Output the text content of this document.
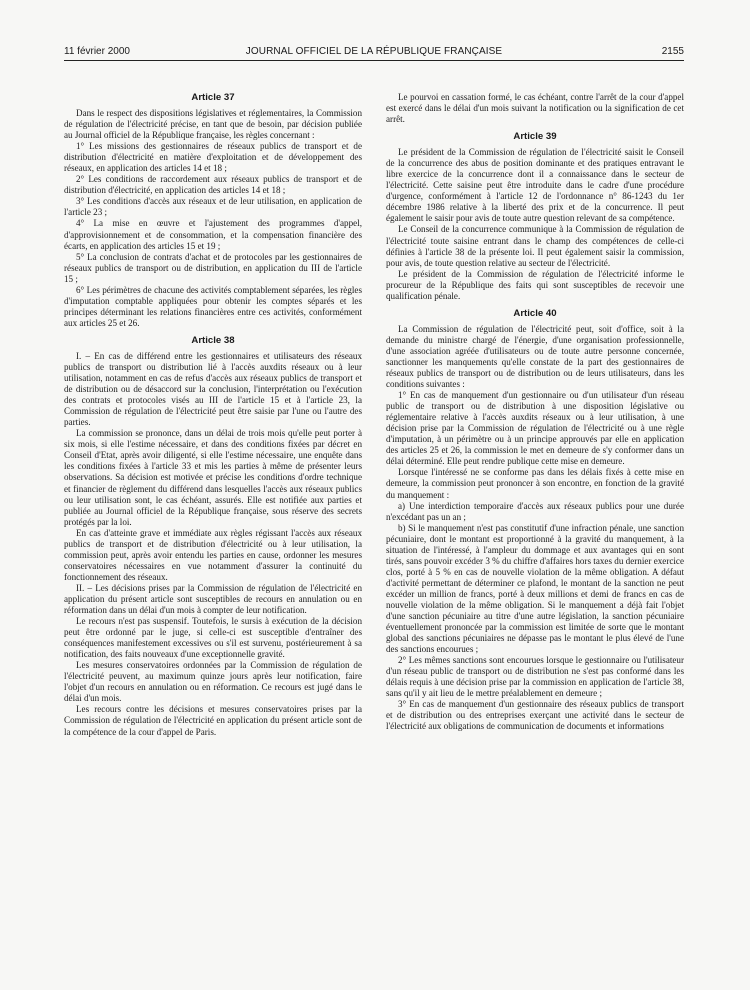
11 février 2000	JOURNAL OFFICIEL DE LA RÉPUBLIQUE FRANÇAISE	2155
Article 37

Dans le respect des dispositions législatives et réglementaires, la Commission de régulation de l'électricité précise, en tant que de besoin, par décision publiée au Journal officiel de la République française, les règles concernant :

1° Les missions des gestionnaires de réseaux publics de transport et de distribution d'électricité en matière d'exploitation et de développement des réseaux, en application des articles 14 et 18 ;

2° Les conditions de raccordement aux réseaux publics de transport et de distribution d'électricité, en application des articles 14 et 18 ;

3° Les conditions d'accès aux réseaux et de leur utilisation, en application de l'article 23 ;

4° La mise en œuvre et l'ajustement des programmes d'appel, d'approvisionnement et de consommation, et la compensation financière des écarts, en application des articles 15 et 19 ;

5° La conclusion de contrats d'achat et de protocoles par les gestionnaires de réseaux publics de transport ou de distribution, en application du III de l'article 15 ;

6° Les périmètres de chacune des activités comptablement séparées, les règles d'imputation comptable appliquées pour obtenir les comptes séparés et les principes déterminant les relations financières entre ces activités, conformément aux articles 25 et 26.

Article 38

I. – En cas de différend entre les gestionnaires et utilisateurs des réseaux publics de transport ou distribution lié à l'accès auxdits réseaux ou à leur utilisation, notamment en cas de refus d'accès aux réseaux publics de transport et de distribution ou de désaccord sur la conclusion, l'interprétation ou l'exécution des contrats et protocoles visés au III de l'article 15 et à l'article 23, la Commission de régulation de l'électricité peut être saisie par l'une ou l'autre des parties.

La commission se prononce, dans un délai de trois mois qu'elle peut porter à six mois, si elle l'estime nécessaire, et dans des conditions fixées par décret en Conseil d'Etat, après avoir diligenté, si elle l'estime nécessaire, une enquête dans les conditions fixées à l'article 33 et mis les parties à même de présenter leurs observations. Sa décision est motivée et précise les conditions d'ordre technique et financier de règlement du différend dans lesquelles l'accès aux réseaux publics ou leur utilisation sont, le cas échéant, assurés. Elle est notifiée aux parties et publiée au Journal officiel de la République française, sous réserve des secrets protégés par la loi.

En cas d'atteinte grave et immédiate aux règles régissant l'accès aux réseaux publics de transport et de distribution d'électricité ou à leur utilisation, la commission peut, après avoir entendu les parties en cause, ordonner les mesures conservatoires nécessaires en vue notamment d'assurer la continuité du fonctionnement des réseaux.

II. – Les décisions prises par la Commission de régulation de l'électricité en application du présent article sont susceptibles de recours en annulation ou en réformation dans un délai d'un mois à compter de leur notification.

Le recours n'est pas suspensif. Toutefois, le sursis à exécution de la décision peut être ordonné par le juge, si celle-ci est susceptible d'entraîner des conséquences manifestement excessives ou s'il est survenu, postérieurement à sa notification, des faits nouveaux d'une exceptionnelle gravité.

Les mesures conservatoires ordonnées par la Commission de régulation de l'électricité peuvent, au maximum quinze jours après leur notification, faire l'objet d'un recours en annulation ou en réformation. Ce recours est jugé dans le délai d'un mois.

Les recours contre les décisions et mesures conservatoires prises par la Commission de régulation de l'électricité en application du présent article sont de la compétence de la cour d'appel de Paris.

Le pourvoi en cassation formé, le cas échéant, contre l'arrêt de la cour d'appel est exercé dans le délai d'un mois suivant la notification ou la signification de cet arrêt.

Article 39

Le président de la Commission de régulation de l'électricité saisit le Conseil de la concurrence des abus de position dominante et des pratiques entravant le libre exercice de la concurrence dont il a connaissance dans le secteur de l'électricité. Cette saisine peut être introduite dans le cadre d'une procédure d'urgence, conformément à l'article 12 de l'ordonnance n° 86-1243 du 1er décembre 1986 relative à la liberté des prix et de la concurrence. Il peut également le saisir pour avis de toute autre question relevant de sa compétence.

Le Conseil de la concurrence communique à la Commission de régulation de l'électricité toute saisine entrant dans le champ des compétences de celle-ci définies à l'article 38 de la présente loi. Il peut également saisir la commission, pour avis, de toute question relative au secteur de l'électricité.

Le président de la Commission de régulation de l'électricité informe le procureur de la République des faits qui sont susceptibles de recevoir une qualification pénale.

Article 40

La Commission de régulation de l'électricité peut, soit d'office, soit à la demande du ministre chargé de l'énergie, d'une organisation professionnelle, d'une association agréée d'utilisateurs ou de toute autre personne concernée, sanctionner les manquements qu'elle constate de la part des gestionnaires de réseaux publics de transport ou de distribution ou de leurs utilisateurs, dans les conditions suivantes :

1° En cas de manquement d'un gestionnaire ou d'un utilisateur d'un réseau public de transport ou de distribution à une disposition législative ou réglementaire relative à l'accès auxdits réseaux ou à leur utilisation, à une décision prise par la Commission de régulation de l'électricité ou à une règle d'imputation, à un périmètre ou à un principe approuvés par elle en application des articles 25 et 26, la commission le met en demeure de s'y conformer dans un délai déterminé. Elle peut rendre publique cette mise en demeure.

Lorsque l'intéressé ne se conforme pas dans les délais fixés à cette mise en demeure, la commission peut prononcer à son encontre, en fonction de la gravité du manquement :

a) Une interdiction temporaire d'accès aux réseaux publics pour une durée n'excédant pas un an ;

b) Si le manquement n'est pas constitutif d'une infraction pénale, une sanction pécuniaire, dont le montant est proportionné à la gravité du manquement, à la situation de l'intéressé, à l'ampleur du dommage et aux avantages qui en sont tirés, sans pouvoir excéder 3 % du chiffre d'affaires hors taxes du dernier exercice clos, porté à 5 % en cas de nouvelle violation de la même obligation. A défaut d'activité permettant de déterminer ce plafond, le montant de la sanction ne peut excéder un million de francs, porté à deux millions et demi de francs en cas de nouvelle violation de la même obligation. Si le manquement a déjà fait l'objet d'une sanction pécuniaire au titre d'une autre législation, la sanction pécuniaire éventuellement prononcée par la commission est limitée de sorte que le montant global des sanctions pécuniaires ne dépasse pas le montant le plus élevé de l'une des sanctions encourues ;

2° Les mêmes sanctions sont encourues lorsque le gestionnaire ou l'utilisateur d'un réseau public de transport ou de distribution ne s'est pas conformé dans les délais requis à une décision prise par la commission en application de l'article 38, sans qu'il y ait lieu de le mettre préalablement en demeure ;

3° En cas de manquement d'un gestionnaire des réseaux publics de transport et de distribution ou des entreprises exerçant une activité dans le secteur de l'électricité aux obligations de communication de documents et informations
